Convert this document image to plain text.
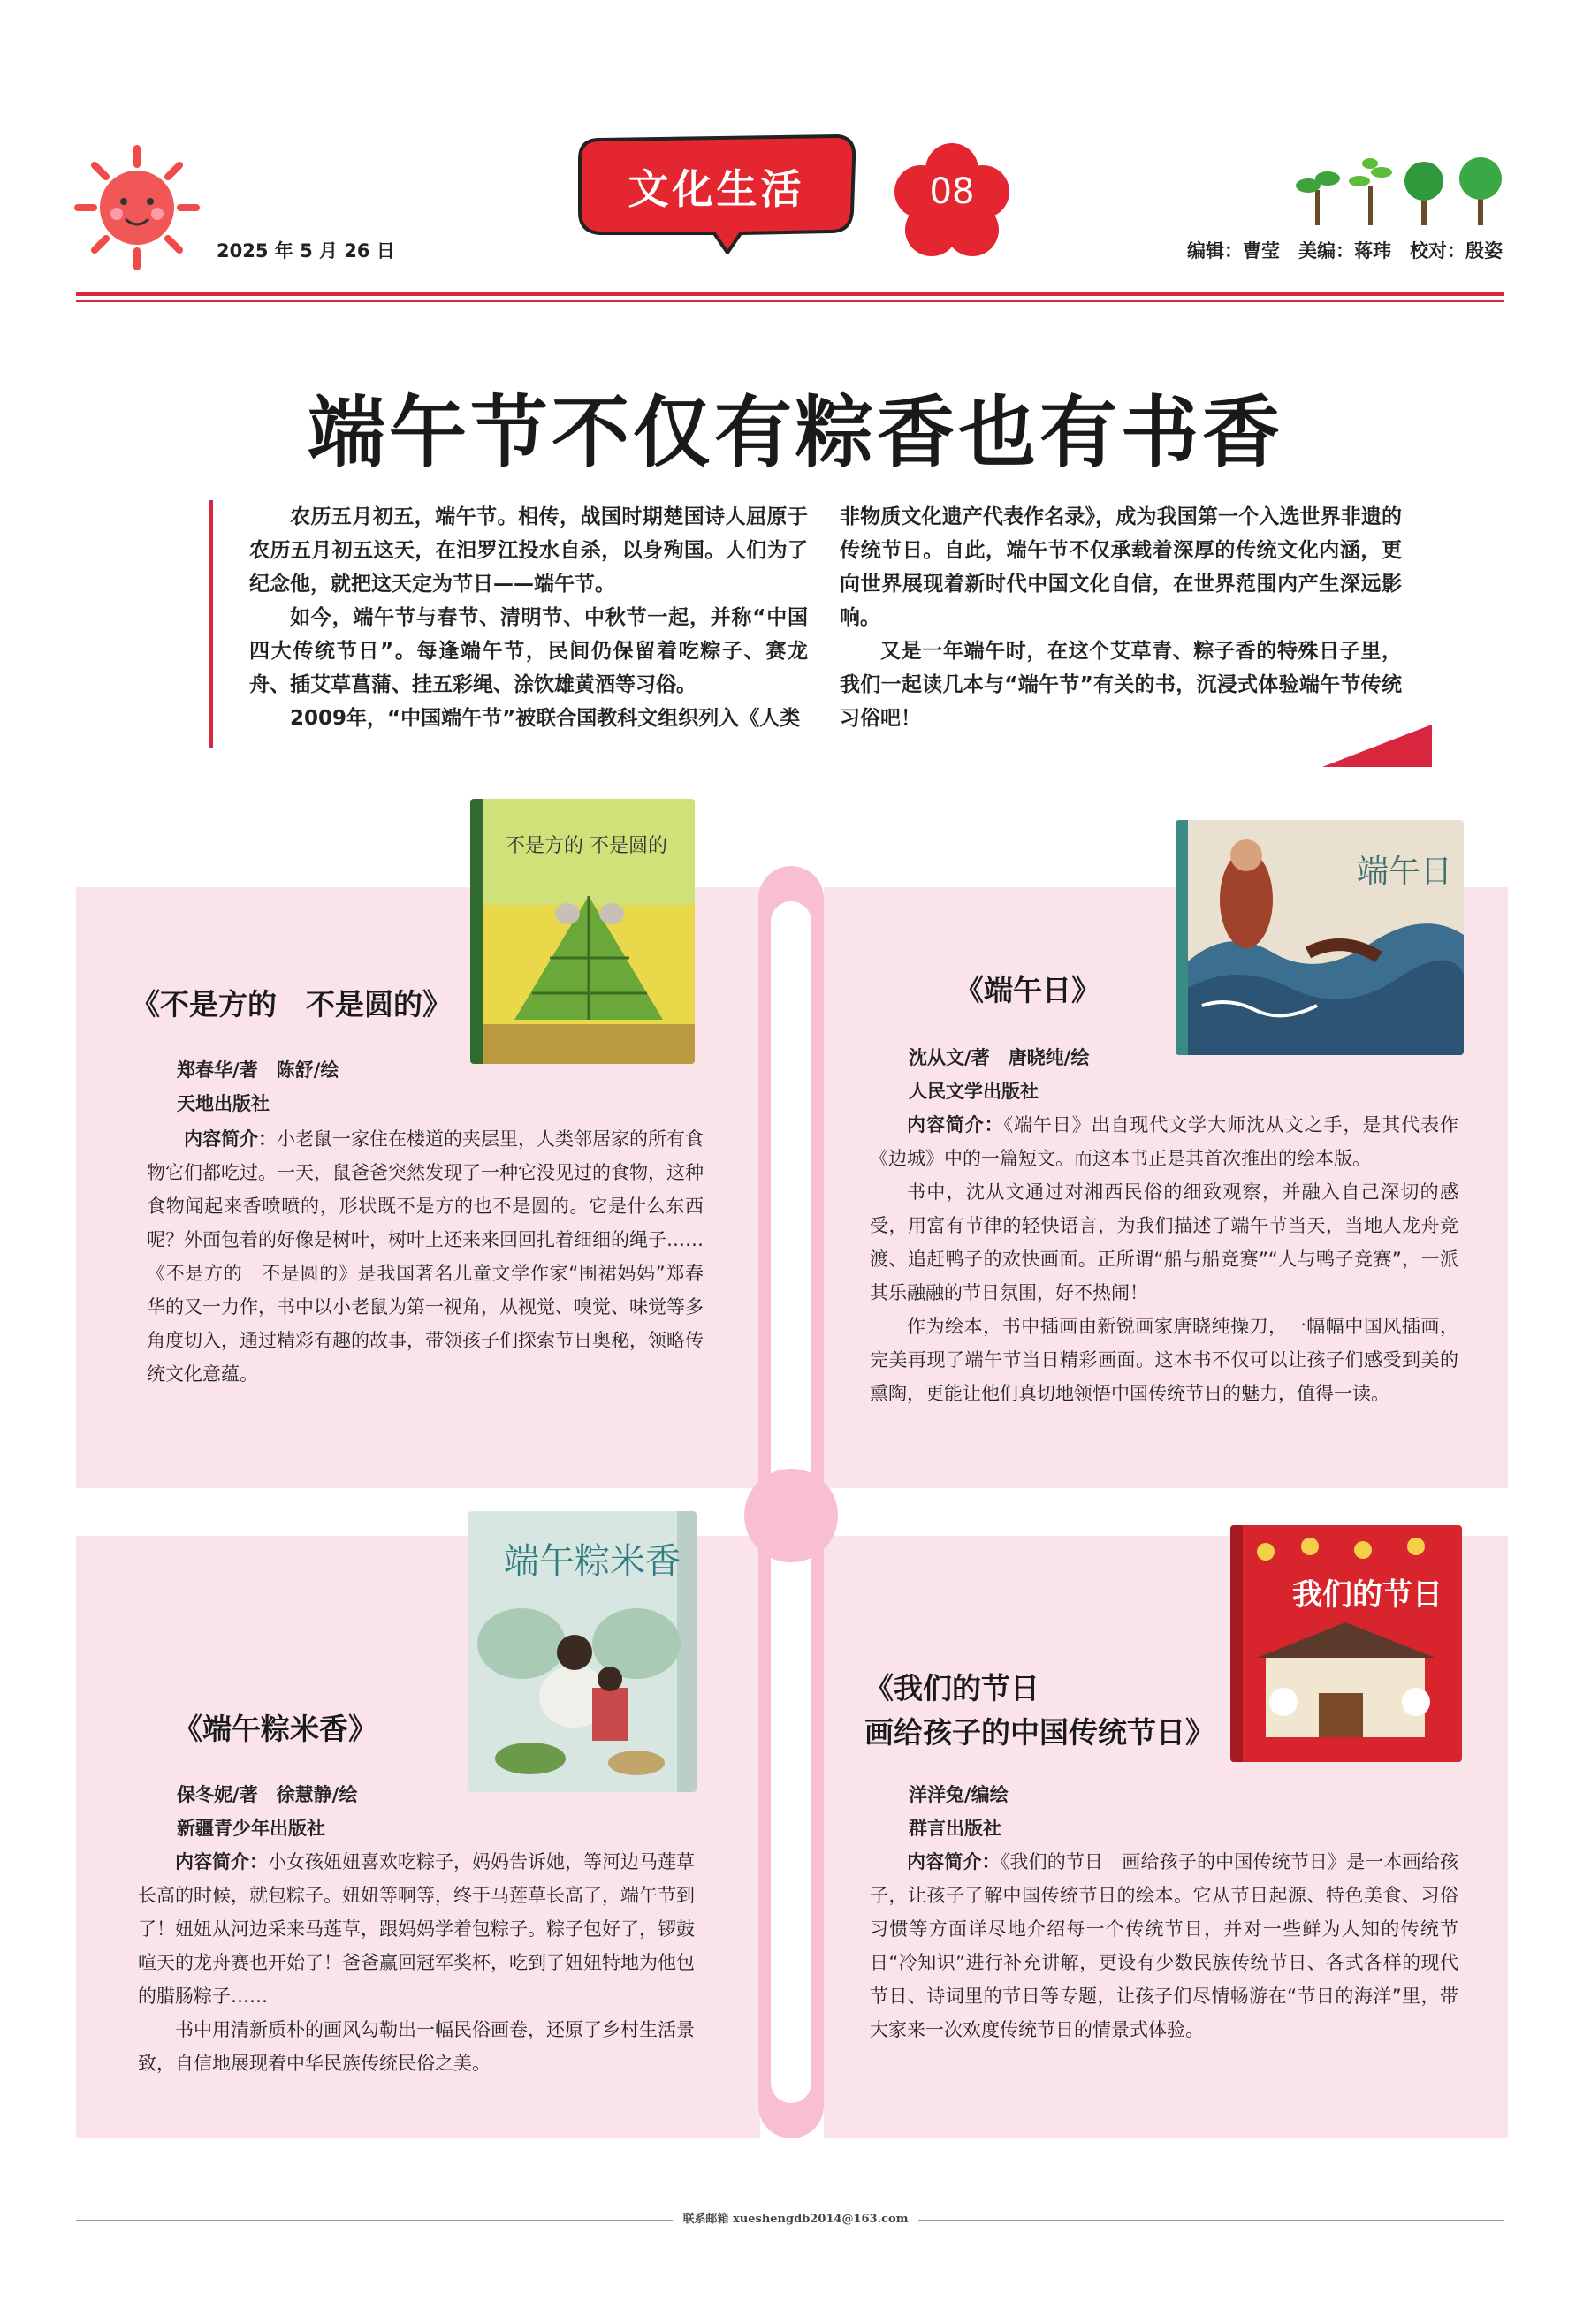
文化生活	08
2025 年 5 月 26 日	编辑：曹莹　美编：蒋玮　校对：殷姿
端午节不仅有粽香也有书香

农历五月初五，端午节。相传，战国时期楚国诗人屈原于农历五月初五这天，在汨罗江投水自杀，以身殉国。人们为了纪念他，就把这天定为节日——端午节。

如今，端午节与春节、清明节、中秋节一起，并称“中国四大传统节日”。每逢端午节，民间仍保留着吃粽子、赛龙舟、插艾草菖蒲、挂五彩绳、涂饮雄黄酒等习俗。

2009年，“中国端午节”被联合国教科文组织列入《人类

非物质文化遗产代表作名录》，成为我国第一个入选世界非遗的传统节日。自此，端午节不仅承载着深厚的传统文化内涵，更向世界展现着新时代中国文化自信，在世界范围内产生深远影响。

又是一年端午时，在这个艾草青、粽子香的特殊日子里，我们一起读几本与“端午节”有关的书，沉浸式体验端午节传统习俗吧！

不是方的 不是圆的
《不是方的　不是圆的》
郑春华/著　陈舒/绘
天地出版社

内容简介：小老鼠一家住在楼道的夹层里，人类邻居家的所有食物它们都吃过。一天，鼠爸爸突然发现了一种它没见过的食物，这种食物闻起来香喷喷的，形状既不是方的也不是圆的。它是什么东西呢？外面包着的好像是树叶，树叶上还来来回回扎着细细的绳子……《不是方的　不是圆的》是我国著名儿童文学作家“围裙妈妈”郑春华的又一力作，书中以小老鼠为第一视角，从视觉、嗅觉、味觉等多角度切入，通过精彩有趣的故事，带领孩子们探索节日奥秘，领略传统文化意蕴。

端午日
《端午日》
沈从文/著　唐晓纯/绘
人民文学出版社

内容简介：《端午日》出自现代文学大师沈从文之手，是其代表作《边城》中的一篇短文。而这本书正是其首次推出的绘本版。

书中，沈从文通过对湘西民俗的细致观察，并融入自己深切的感受，用富有节律的轻快语言，为我们描述了端午节当天，当地人龙舟竞渡、追赶鸭子的欢快画面。正所谓“船与船竞赛”“人与鸭子竞赛”，一派其乐融融的节日氛围，好不热闹！

作为绘本，书中插画由新锐画家唐晓纯操刀，一幅幅中国风插画，完美再现了端午节当日精彩画面。这本书不仅可以让孩子们感受到美的熏陶，更能让他们真切地领悟中国传统节日的魅力，值得一读。

端午粽米香
《端午粽米香》
保冬妮/著　徐慧静/绘
新疆青少年出版社

内容简介：小女孩妞妞喜欢吃粽子，妈妈告诉她，等河边马莲草长高的时候，就包粽子。妞妞等啊等，终于马莲草长高了，端午节到了！妞妞从河边采来马莲草，跟妈妈学着包粽子。粽子包好了，锣鼓喧天的龙舟赛也开始了！爸爸赢回冠军奖杯，吃到了妞妞特地为他包的腊肠粽子……

书中用清新质朴的画风勾勒出一幅民俗画卷，还原了乡村生活景致，自信地展现着中华民族传统民俗之美。

我们的节日
《我们的节日
画给孩子的中国传统节日》
洋洋兔/编绘
群言出版社

内容简介：《我们的节日　画给孩子的中国传统节日》是一本画给孩子，让孩子了解中国传统节日的绘本。它从节日起源、特色美食、习俗习惯等方面详尽地介绍每一个传统节日，并对一些鲜为人知的传统节日“冷知识”进行补充讲解，更设有少数民族传统节日、各式各样的现代节日、诗词里的节日等专题，让孩子们尽情畅游在“节日的海洋”里，带大家来一次欢度传统节日的情景式体验。

联系邮箱 xueshengdb2014@163.com
